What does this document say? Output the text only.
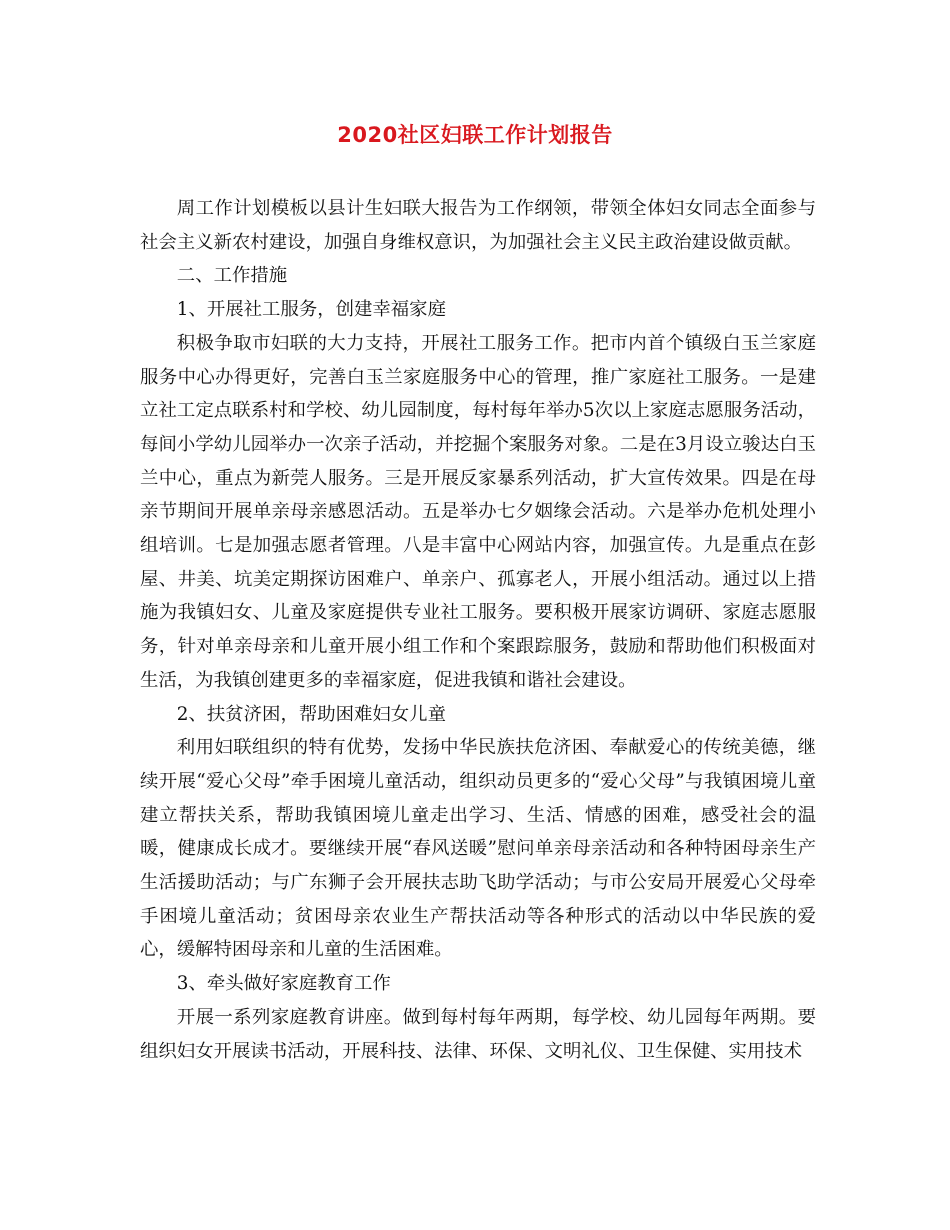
2020社区妇联工作计划报告

周工作计划模板以县计生妇联大报告为工作纲领，带领全体妇女同志全面参与社会主义新农村建设，加强自身维权意识，为加强社会主义民主政治建设做贡献。

二、工作措施

1、开展社工服务，创建幸福家庭

积极争取市妇联的大力支持，开展社工服务工作。把市内首个镇级白玉兰家庭服务中心办得更好，完善白玉兰家庭服务中心的管理，推广家庭社工服务。一是建立社工定点联系村和学校、幼儿园制度，每村每年举办5次以上家庭志愿服务活动，每间小学幼儿园举办一次亲子活动，并挖掘个案服务对象。二是在3月设立骏达白玉兰中心，重点为新莞人服务。三是开展反家暴系列活动，扩大宣传效果。四是在母亲节期间开展单亲母亲感恩活动。五是举办七夕姻缘会活动。六是举办危机处理小组培训。七是加强志愿者管理。八是丰富中心网站内容，加强宣传。九是重点在彭屋、井美、坑美定期探访困难户、单亲户、孤寡老人，开展小组活动。通过以上措施为我镇妇女、儿童及家庭提供专业社工服务。要积极开展家访调研、家庭志愿服务，针对单亲母亲和儿童开展小组工作和个案跟踪服务，鼓励和帮助他们积极面对生活，为我镇创建更多的幸福家庭，促进我镇和谐社会建设。

2、扶贫济困，帮助困难妇女儿童

利用妇联组织的特有优势，发扬中华民族扶危济困、奉献爱心的传统美德，继续开展“爱心父母”牵手困境儿童活动，组织动员更多的“爱心父母”与我镇困境儿童建立帮扶关系，帮助我镇困境儿童走出学习、生活、情感的困难，感受社会的温暖，健康成长成才。要继续开展“春风送暖”慰问单亲母亲活动和各种特困母亲生产生活援助活动；与广东狮子会开展扶志助飞助学活动；与市公安局开展爱心父母牵手困境儿童活动；贫困母亲农业生产帮扶活动等各种形式的活动以中华民族的爱心，缓解特困母亲和儿童的生活困难。

3、牵头做好家庭教育工作

开展一系列家庭教育讲座。做到每村每年两期，每学校、幼儿园每年两期。要组织妇女开展读书活动，开展科技、法律、环保、文明礼仪、卫生保健、实用技术
